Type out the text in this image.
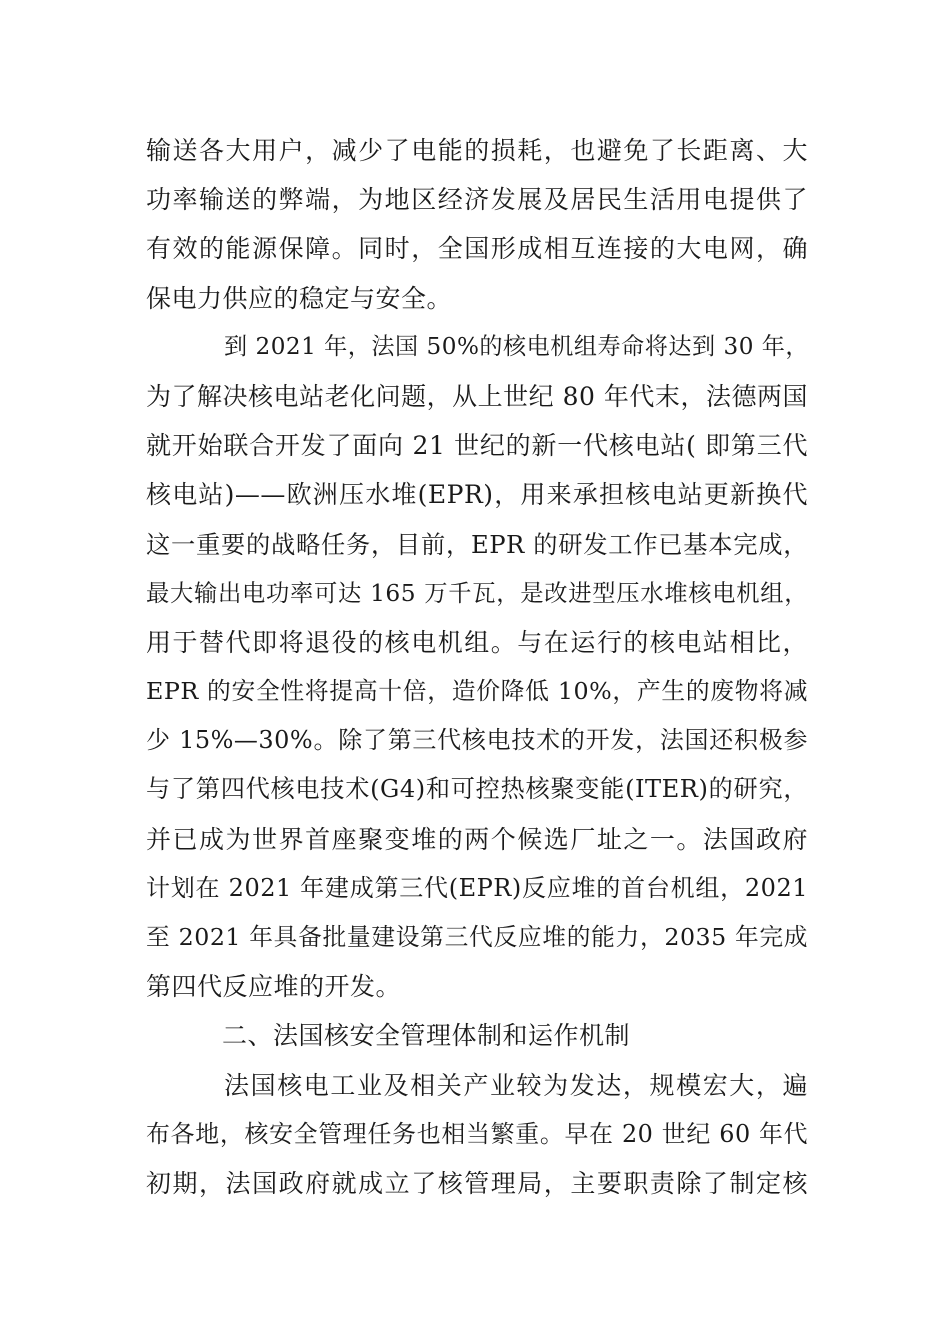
输送各大用户，减少了电能的损耗，也避免了长距离、大
功率输送的弊端，为地区经济发展及居民生活用电提供了
有效的能源保障。同时，全国形成相互连接的大电网，确
保电力供应的稳定与安全。
到 2021 年，法国 50%的核电机组寿命将达到 30 年，
为了解决核电站老化问题，从上世纪 80 年代末，法德两国
就开始联合开发了面向 21 世纪的新一代核电站( 即第三代
核电站)——欧洲压水堆(EPR)，用来承担核电站更新换代
这一重要的战略任务，目前，EPR 的研发工作已基本完成，
最大输出电功率可达 165 万千瓦，是改进型压水堆核电机组，
用于替代即将退役的核电机组。与在运行的核电站相比，
EPR 的安全性将提高十倍，造价降低 10%，产生的废物将减
少 15%—30%。除了第三代核电技术的开发，法国还积极参
与了第四代核电技术(G4)和可控热核聚变能(ITER)的研究，
并已成为世界首座聚变堆的两个候选厂址之一。法国政府
计划在 2021 年建成第三代(EPR)反应堆的首台机组，2021
至 2021 年具备批量建设第三代反应堆的能力，2035 年完成
第四代反应堆的开发。
二、法国核安全管理体制和运作机制
法国核电工业及相关产业较为发达，规模宏大，遍
布各地，核安全管理任务也相当繁重。早在 20 世纪 60 年代
初期，法国政府就成立了核管理局，主要职责除了制定核
